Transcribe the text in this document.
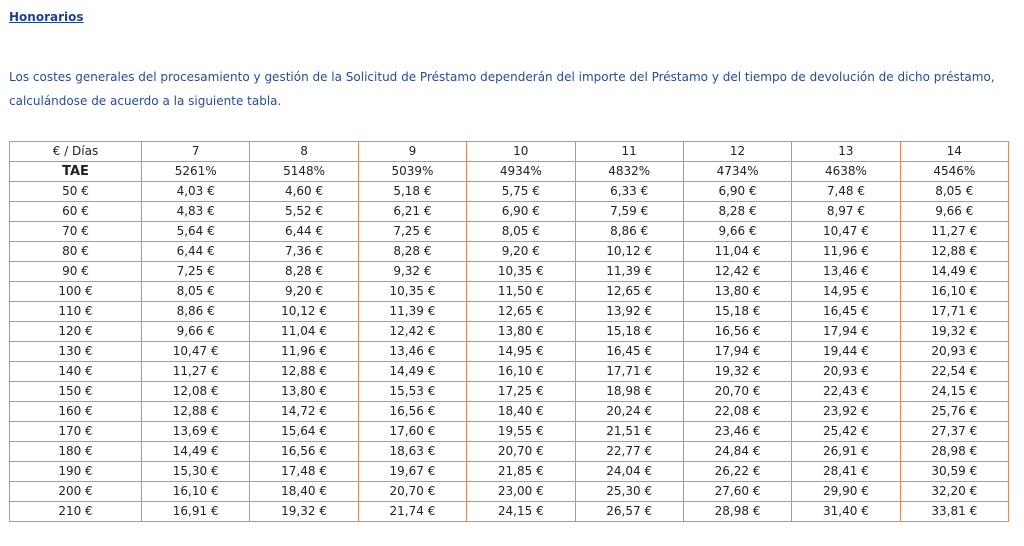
Honorarios

Los costes generales del procesamiento y gestión de la Solicitud de Préstamo dependerán del importe del Préstamo y del tiempo de devolución de dicho préstamo, calculándose de acuerdo a la siguiente tabla.

€ / Días	7	8	9	10	11	12	13	14
TAE	5261%	5148%	5039%	4934%	4832%	4734%	4638%	4546%
50 €	4,03 €	4,60 €	5,18 €	5,75 €	6,33 €	6,90 €	7,48 €	8,05 €
60 €	4,83 €	5,52 €	6,21 €	6,90 €	7,59 €	8,28 €	8,97 €	9,66 €
70 €	5,64 €	6,44 €	7,25 €	8,05 €	8,86 €	9,66 €	10,47 €	11,27 €
80 €	6,44 €	7,36 €	8,28 €	9,20 €	10,12 €	11,04 €	11,96 €	12,88 €
90 €	7,25 €	8,28 €	9,32 €	10,35 €	11,39 €	12,42 €	13,46 €	14,49 €
100 €	8,05 €	9,20 €	10,35 €	11,50 €	12,65 €	13,80 €	14,95 €	16,10 €
110 €	8,86 €	10,12 €	11,39 €	12,65 €	13,92 €	15,18 €	16,45 €	17,71 €
120 €	9,66 €	11,04 €	12,42 €	13,80 €	15,18 €	16,56 €	17,94 €	19,32 €
130 €	10,47 €	11,96 €	13,46 €	14,95 €	16,45 €	17,94 €	19,44 €	20,93 €
140 €	11,27 €	12,88 €	14,49 €	16,10 €	17,71 €	19,32 €	20,93 €	22,54 €
150 €	12,08 €	13,80 €	15,53 €	17,25 €	18,98 €	20,70 €	22,43 €	24,15 €
160 €	12,88 €	14,72 €	16,56 €	18,40 €	20,24 €	22,08 €	23,92 €	25,76 €
170 €	13,69 €	15,64 €	17,60 €	19,55 €	21,51 €	23,46 €	25,42 €	27,37 €
180 €	14,49 €	16,56 €	18,63 €	20,70 €	22,77 €	24,84 €	26,91 €	28,98 €
190 €	15,30 €	17,48 €	19,67 €	21,85 €	24,04 €	26,22 €	28,41 €	30,59 €
200 €	16,10 €	18,40 €	20,70 €	23,00 €	25,30 €	27,60 €	29,90 €	32,20 €
210 €	16,91 €	19,32 €	21,74 €	24,15 €	26,57 €	28,98 €	31,40 €	33,81 €
